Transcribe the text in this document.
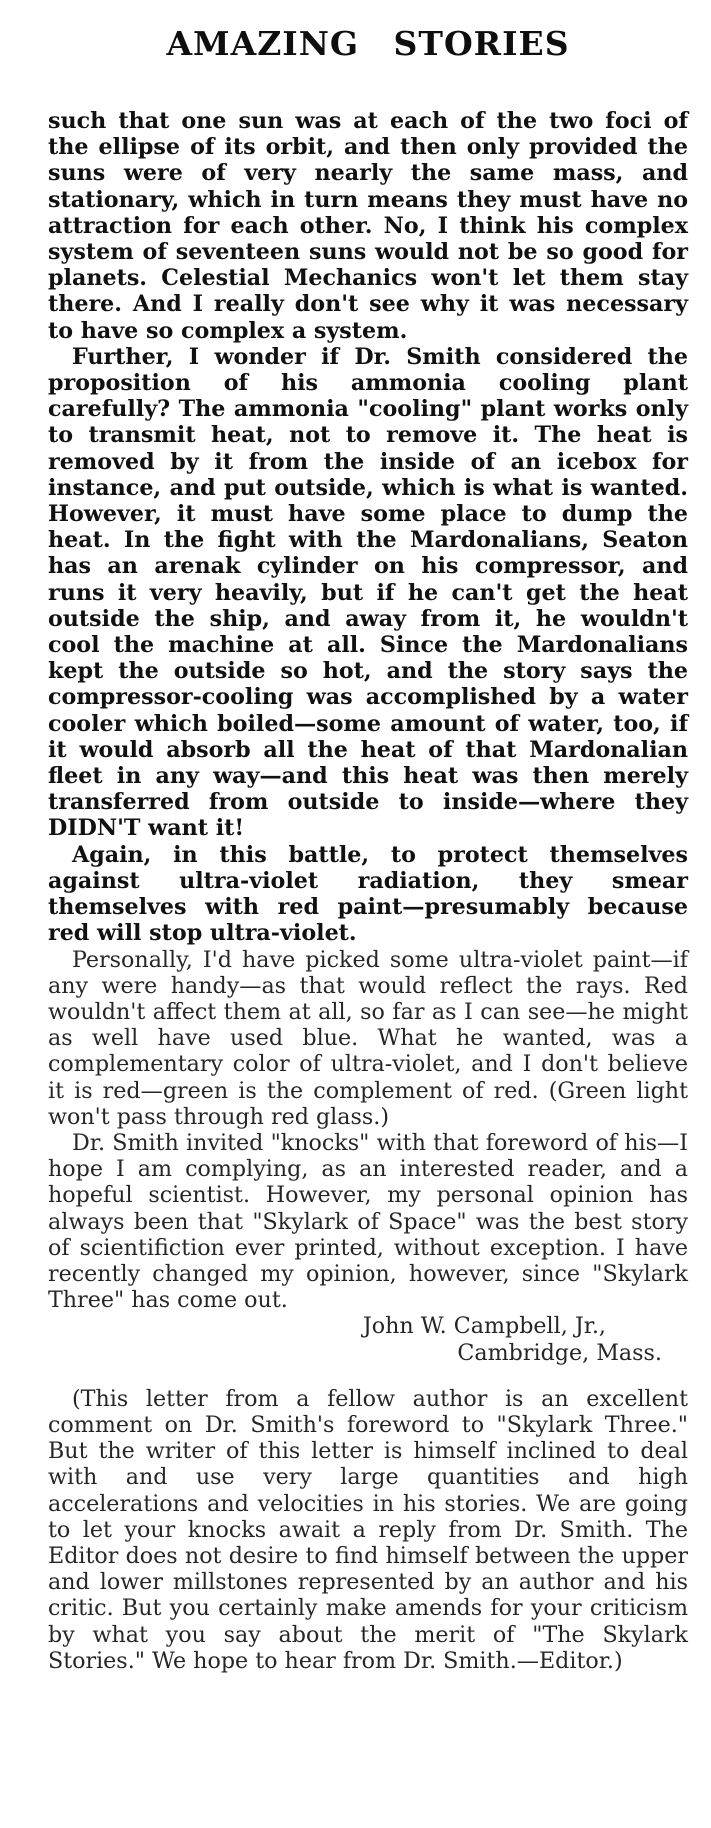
AMAZING STORIES

such that one sun was at each of the two foci of the ellipse of its orbit, and then only provided the suns were of very nearly the same mass, and stationary, which in turn means they must have no attraction for each other. No, I think his complex system of seventeen suns would not be so good for planets. Celestial Mechanics won't let them stay there. And I really don't see why it was necessary to have so complex a system.

Further, I wonder if Dr. Smith considered the proposition of his ammonia cooling plant carefully? The ammonia "cooling" plant works only to transmit heat, not to remove it. The heat is removed by it from the inside of an icebox for instance, and put outside, which is what is wanted. However, it must have some place to dump the heat. In the fight with the Mardonalians, Seaton has an arenak cylinder on his compressor, and runs it very heavily, but if he can't get the heat outside the ship, and away from it, he wouldn't cool the machine at all. Since the Mardonalians kept the outside so hot, and the story says the compressor-cooling was accomplished by a water cooler which boiled—some amount of water, too, if it would absorb all the heat of that Mardonalian fleet in any way—and this heat was then merely transferred from outside to inside—where they DIDN'T want it!

Again, in this battle, to protect themselves against ultra-violet radiation, they smear themselves with red paint—presumably because red will stop ultra-violet.

Personally, I'd have picked some ultra-violet paint—if any were handy—as that would reflect the rays. Red wouldn't affect them at all, so far as I can see—he might as well have used blue. What he wanted, was a complementary color of ultra-violet, and I don't believe it is red—green is the complement of red. (Green light won't pass through red glass.)

Dr. Smith invited "knocks" with that foreword of his—I hope I am complying, as an interested reader, and a hopeful scientist. However, my personal opinion has always been that "Skylark of Space" was the best story of scientifiction ever printed, without exception. I have recently changed my opinion, however, since "Skylark Three" has come out.

John W. Campbell, Jr.,

Cambridge, Mass.

(This letter from a fellow author is an excellent comment on Dr. Smith's foreword to "Skylark Three." But the writer of this letter is himself inclined to deal with and use very large quantities and high accelerations and velocities in his stories. We are going to let your knocks await a reply from Dr. Smith. The Editor does not desire to find himself between the upper and lower millstones represented by an author and his critic. But you certainly make amends for your criticism by what you say about the merit of "The Skylark Stories." We hope to hear from Dr. Smith.—Editor.)
